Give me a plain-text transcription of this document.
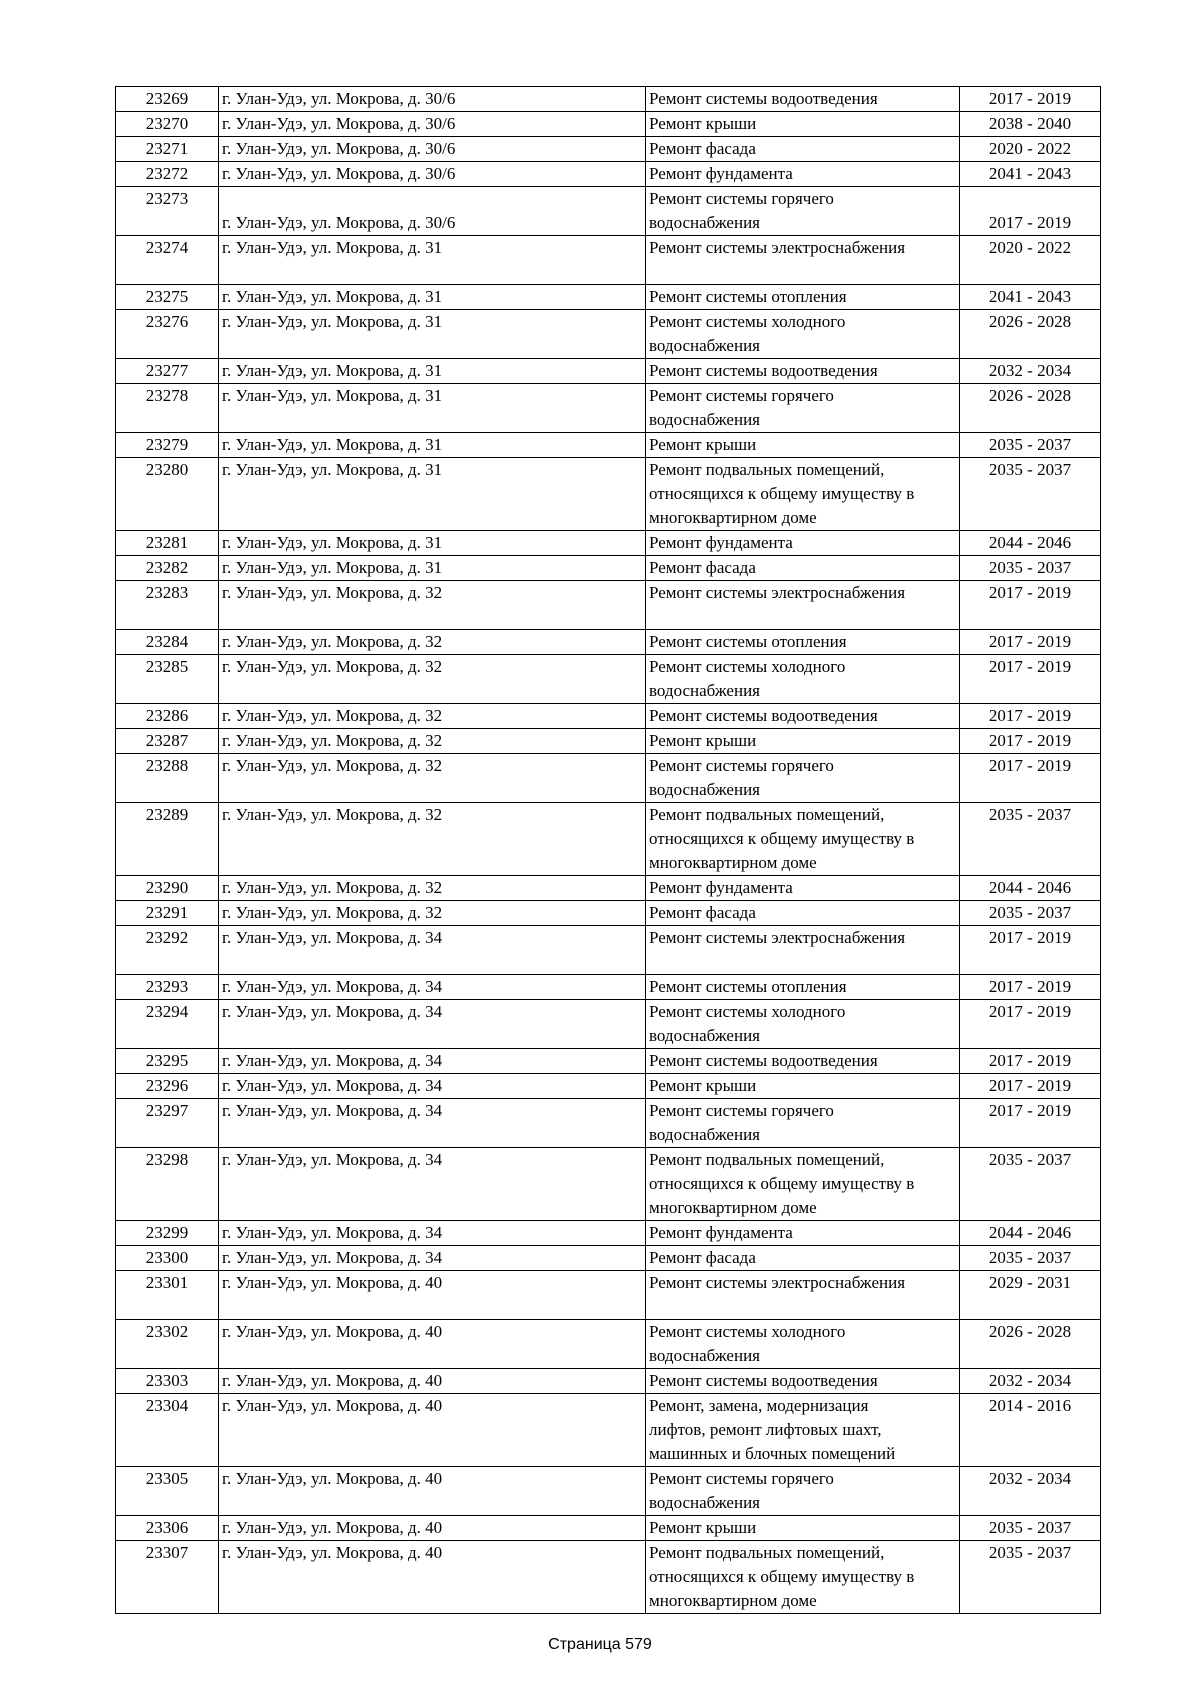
23269	г. Улан-Удэ, ул. Мокрова, д. 30/6	Ремонт системы водоотведения	2017 - 2019
23270	г. Улан-Удэ, ул. Мокрова, д. 30/6	Ремонт крыши	2038 - 2040
23271	г. Улан-Удэ, ул. Мокрова, д. 30/6	Ремонт фасада	2020 - 2022
23272	г. Улан-Удэ, ул. Мокрова, д. 30/6	Ремонт фундамента	2041 - 2043
23273	г. Улан-Удэ, ул. Мокрова, д. 30/6	Ремонт системы горячего
водоснабжения	2017 - 2019
23274	г. Улан-Удэ, ул. Мокрова, д. 31	Ремонт системы электроснабжения	2020 - 2022
23275	г. Улан-Удэ, ул. Мокрова, д. 31	Ремонт системы отопления	2041 - 2043
23276	г. Улан-Удэ, ул. Мокрова, д. 31	Ремонт системы холодного
водоснабжения	2026 - 2028
23277	г. Улан-Удэ, ул. Мокрова, д. 31	Ремонт системы водоотведения	2032 - 2034
23278	г. Улан-Удэ, ул. Мокрова, д. 31	Ремонт системы горячего
водоснабжения	2026 - 2028
23279	г. Улан-Удэ, ул. Мокрова, д. 31	Ремонт крыши	2035 - 2037
23280	г. Улан-Удэ, ул. Мокрова, д. 31	Ремонт подвальных помещений,
относящихся к общему имуществу в
многоквартирном доме	2035 - 2037
23281	г. Улан-Удэ, ул. Мокрова, д. 31	Ремонт фундамента	2044 - 2046
23282	г. Улан-Удэ, ул. Мокрова, д. 31	Ремонт фасада	2035 - 2037
23283	г. Улан-Удэ, ул. Мокрова, д. 32	Ремонт системы электроснабжения	2017 - 2019
23284	г. Улан-Удэ, ул. Мокрова, д. 32	Ремонт системы отопления	2017 - 2019
23285	г. Улан-Удэ, ул. Мокрова, д. 32	Ремонт системы холодного
водоснабжения	2017 - 2019
23286	г. Улан-Удэ, ул. Мокрова, д. 32	Ремонт системы водоотведения	2017 - 2019
23287	г. Улан-Удэ, ул. Мокрова, д. 32	Ремонт крыши	2017 - 2019
23288	г. Улан-Удэ, ул. Мокрова, д. 32	Ремонт системы горячего
водоснабжения	2017 - 2019
23289	г. Улан-Удэ, ул. Мокрова, д. 32	Ремонт подвальных помещений,
относящихся к общему имуществу в
многоквартирном доме	2035 - 2037
23290	г. Улан-Удэ, ул. Мокрова, д. 32	Ремонт фундамента	2044 - 2046
23291	г. Улан-Удэ, ул. Мокрова, д. 32	Ремонт фасада	2035 - 2037
23292	г. Улан-Удэ, ул. Мокрова, д. 34	Ремонт системы электроснабжения	2017 - 2019
23293	г. Улан-Удэ, ул. Мокрова, д. 34	Ремонт системы отопления	2017 - 2019
23294	г. Улан-Удэ, ул. Мокрова, д. 34	Ремонт системы холодного
водоснабжения	2017 - 2019
23295	г. Улан-Удэ, ул. Мокрова, д. 34	Ремонт системы водоотведения	2017 - 2019
23296	г. Улан-Удэ, ул. Мокрова, д. 34	Ремонт крыши	2017 - 2019
23297	г. Улан-Удэ, ул. Мокрова, д. 34	Ремонт системы горячего
водоснабжения	2017 - 2019
23298	г. Улан-Удэ, ул. Мокрова, д. 34	Ремонт подвальных помещений,
относящихся к общему имуществу в
многоквартирном доме	2035 - 2037
23299	г. Улан-Удэ, ул. Мокрова, д. 34	Ремонт фундамента	2044 - 2046
23300	г. Улан-Удэ, ул. Мокрова, д. 34	Ремонт фасада	2035 - 2037
23301	г. Улан-Удэ, ул. Мокрова, д. 40	Ремонт системы электроснабжения	2029 - 2031
23302	г. Улан-Удэ, ул. Мокрова, д. 40	Ремонт системы холодного
водоснабжения	2026 - 2028
23303	г. Улан-Удэ, ул. Мокрова, д. 40	Ремонт системы водоотведения	2032 - 2034
23304	г. Улан-Удэ, ул. Мокрова, д. 40	Ремонт, замена, модернизация
лифтов, ремонт лифтовых шахт,
машинных и блочных помещений	2014 - 2016
23305	г. Улан-Удэ, ул. Мокрова, д. 40	Ремонт системы горячего
водоснабжения	2032 - 2034
23306	г. Улан-Удэ, ул. Мокрова, д. 40	Ремонт крыши	2035 - 2037
23307	г. Улан-Удэ, ул. Мокрова, д. 40	Ремонт подвальных помещений,
относящихся к общему имуществу в
многоквартирном доме	2035 - 2037
Страница 579
